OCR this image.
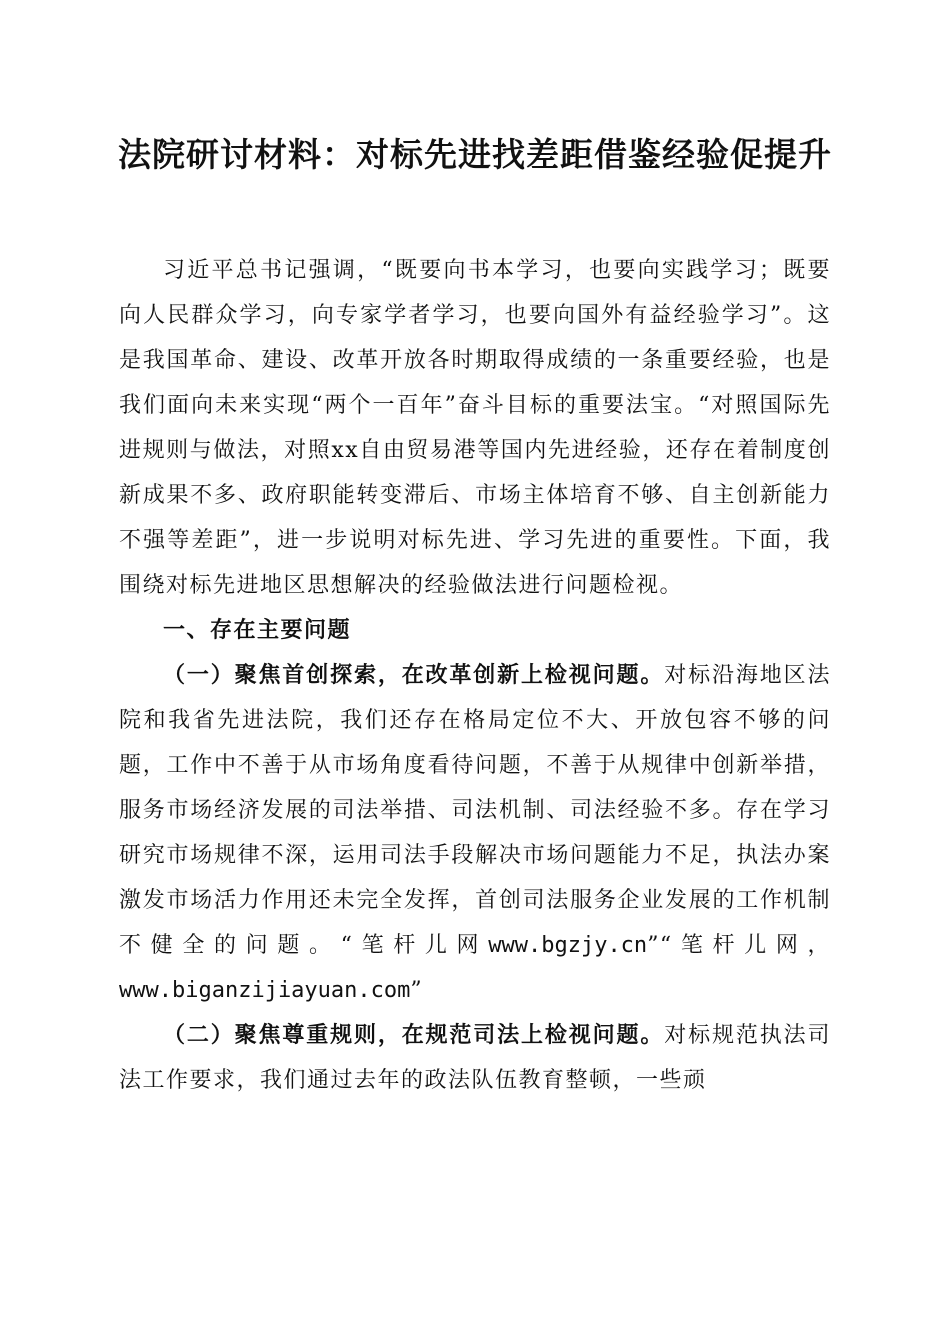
法院研讨材料：对标先进找差距借鉴经验促提升

习近平总书记强调，“既要向书本学习，也要向实践学习；既要向人民群众学习，向专家学者学习，也要向国外有益经验学习”。这是我国革命、建设、改革开放各时期取得成绩的一条重要经验，也是我们面向未来实现“两个一百年”奋斗目标的重要法宝。“对照国际先进规则与做法，对照xx自由贸易港等国内先进经验，还存在着制度创新成果不多、政府职能转变滞后、市场主体培育不够、自主创新能力不强等差距”，进一步说明对标先进、学习先进的重要性。下面，我围绕对标先进地区思想解决的经验做法进行问题检视。

一、存在主要问题

（一）聚焦首创探索，在改革创新上检视问题。对标沿海地区法院和我省先进法院，我们还存在格局定位不大、开放包容不够的问题，工作中不善于从市场角度看待问题，不善于从规律中创新举措，服务市场经济发展的司法举措、司法机制、司法经验不多。存在学习研究市场规律不深，运用司法手段解决市场问题能力不足，执法办案激发市场活力作用还未完全发挥，首创司法服务企业发展的工作机制不健全的问题。“笔杆儿网www.bgzjy.cn”“笔杆儿网，www.biganzijiayuan.com”

（二）聚焦尊重规则，在规范司法上检视问题。对标规范执法司法工作要求，我们通过去年的政法队伍教育整顿，一些顽
